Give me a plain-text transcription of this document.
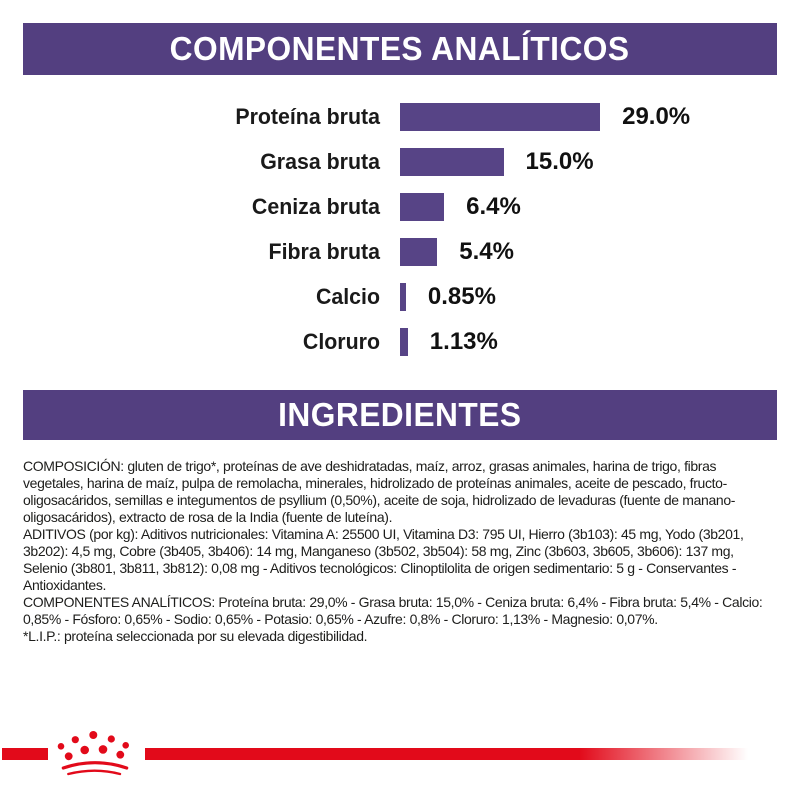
COMPONENTES ANALÍTICOS
Proteína bruta	29.0%
Grasa bruta	15.0%
Ceniza bruta	6.4%
Fibra bruta	5.4%
Calcio 0.85%
Cloruro 1.13%
INGREDIENTES

COMPOSICIÓN: gluten de trigo*, proteínas de ave deshidratadas, maíz, arroz, grasas animales, harina de trigo, fibras vegetales, harina de maíz, pulpa de remolacha, minerales, hidrolizado de proteínas animales, aceite de pescado, fructo-oligosacáridos, semillas e integumentos de psyllium (0,50%), aceite de soja, hidrolizado de levaduras (fuente de manano-oligosacáridos), extracto de rosa de la India (fuente de luteína).

ADITIVOS (por kg): Aditivos nutricionales: Vitamina A: 25500 UI, Vitamina D3: 795 UI, Hierro (3b103): 45 mg, Yodo (3b201, 3b202): 4,5 mg, Cobre (3b405, 3b406): 14 mg, Manganeso (3b502, 3b504): 58 mg, Zinc (3b603, 3b605, 3b606): 137 mg, Selenio (3b801, 3b811, 3b812): 0,08 mg - Aditivos tecnológicos: Clinoptilolita de origen sedimentario: 5 g - Conservantes - Antioxidantes.

COMPONENTES ANALÍTICOS: Proteína bruta: 29,0% - Grasa bruta: 15,0% - Ceniza bruta: 6,4% - Fibra bruta: 5,4% - Calcio: 0,85% - Fósforo: 0,65% - Sodio: 0,65% - Potasio: 0,65% - Azufre: 0,8% - Cloruro: 1,13% - Magnesio: 0,07%.

*L.I.P.: proteína seleccionada por su elevada digestibilidad.
